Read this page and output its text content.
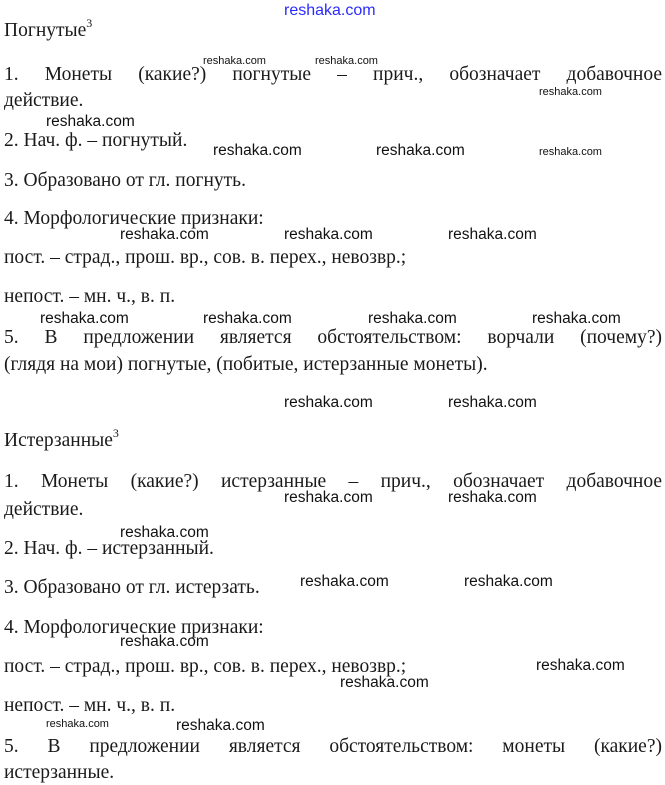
reshaka.com
Погнутые$^3$
1. Монеты (какие?) погнутые – прич., обозначает добавочное
действие.
2. Нач. ф. – погнутый.
3. Образовано от гл. погнуть.
4. Морфологические признаки:
пост. – страд., прош. вр., сов. в. перех., невозвр.;
непост. – мн. ч., в. п.
5. В предложении является обстоятельством: ворчали (почему?)
(глядя на мои) погнутые, (побитые, истерзанные монеты).
Истерзанные$^3$
1. Монеты (какие?) истерзанные – прич., обозначает добавочное
действие.
2. Нач. ф. – истерзанный.
3. Образовано от гл. истерзать.
4. Морфологические признаки:
пост. – страд., прош. вр., сов. в. перех., невозвр.;
непост. – мн. ч., в. п.
5. В предложении является обстоятельством: монеты (какие?)
истерзанные.
reshaka.com	reshaka.com
reshaka.com
reshaka.com
reshaka.com	reshaka.com	reshaka.com
reshaka.com	reshaka.com	reshaka.com
reshaka.com	reshaka.com	reshaka.com	reshaka.com
reshaka.com	reshaka.com
reshaka.com	reshaka.com
reshaka.com
reshaka.com	reshaka.com
reshaka.com
reshaka.com
reshaka.com
reshaka.com	reshaka.com
